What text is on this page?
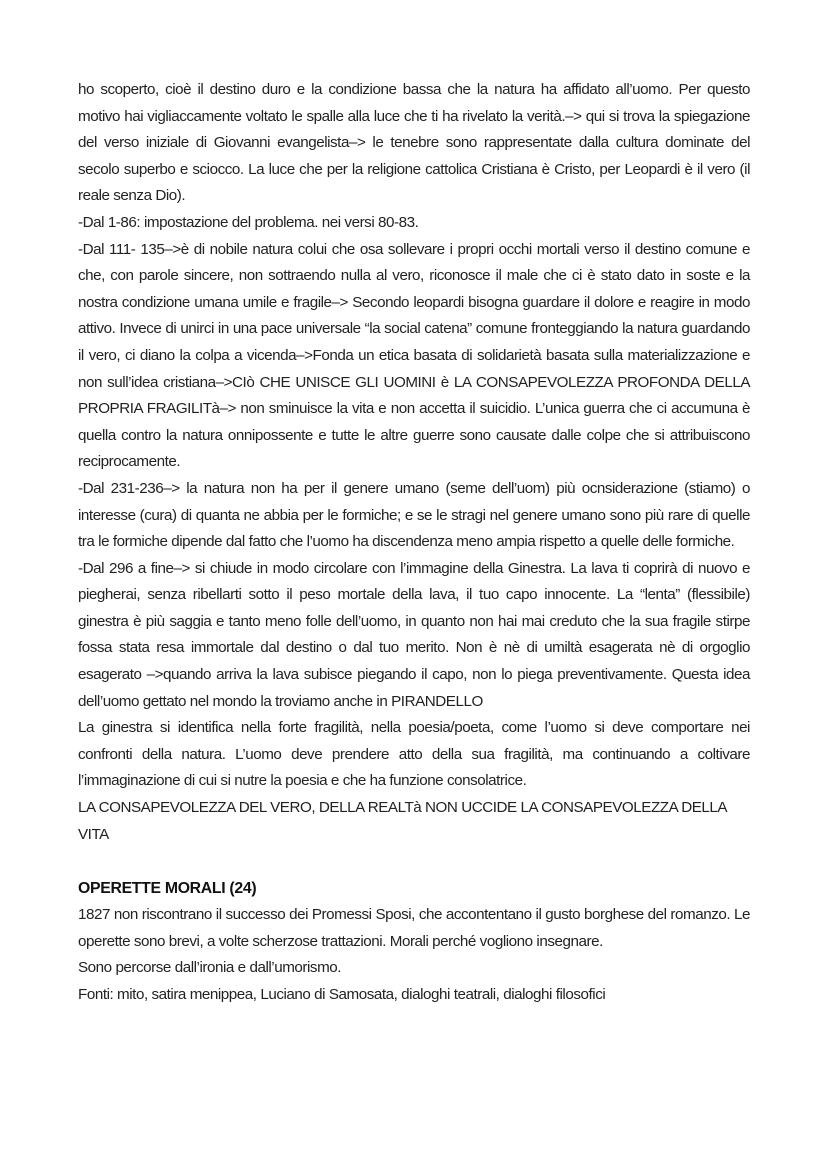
ho scoperto, cioè il destino duro e la condizione bassa che la natura ha affidato all’uomo. Per questo motivo hai vigliaccamente voltato le spalle alla luce che ti ha rivelato la verità.–> qui si trova la spiegazione del verso iniziale di Giovanni evangelista–> le tenebre sono rappresentate dalla cultura dominate del secolo superbo e sciocco. La luce che per la religione cattolica Cristiana è Cristo, per Leopardi è il vero (il reale senza Dio).

-Dal 1-86: impostazione del problema. nei versi 80-83.

-Dal 111- 135–>è di nobile natura colui che osa sollevare i propri occhi mortali verso il destino comune e che, con parole sincere, non sottraendo nulla al vero, riconosce il male che ci è stato dato in soste e la nostra condizione umana umile e fragile–> Secondo leopardi bisogna guardare il dolore e reagire in modo attivo. Invece di unirci in una pace universale “la social catena” comune fronteggiando la natura guardando il vero, ci diano la colpa a vicenda–>Fonda un etica basata di solidarietà basata sulla materializzazione e non sull’idea cristiana–>CIò CHE UNISCE GLI UOMINI è LA CONSAPEVOLEZZA PROFONDA DELLA PROPRIA FRAGILITà–> non sminuisce la vita e non accetta il suicidio. L’unica guerra che ci accumuna è quella contro la natura onnipossente e tutte le altre guerre sono causate dalle colpe che si attribuiscono reciprocamente.

-Dal 231-236–> la natura non ha per il genere umano (seme dell’uom) più ocnsiderazione (stiamo) o interesse (cura) di quanta ne abbia per le formiche; e se le stragi nel genere umano sono più rare di quelle tra le formiche dipende dal fatto che l’uomo ha discendenza meno ampia rispetto a quelle delle formiche.

-Dal 296 a fine–> si chiude in modo circolare con l’immagine della Ginestra. La lava ti coprirà di nuovo e piegherai, senza ribellarti sotto il peso mortale della lava, il tuo capo innocente. La “lenta” (flessibile) ginestra è più saggia e tanto meno folle dell’uomo, in quanto non hai mai creduto che la sua fragile stirpe fossa stata resa immortale dal destino o dal tuo merito. Non è nè di umiltà esagerata nè di orgoglio esagerato –>quando arriva la lava subisce piegando il capo, non lo piega preventivamente. Questa idea dell’uomo gettato nel mondo la troviamo anche in PIRANDELLO

La ginestra si identifica nella forte fragilità, nella poesia/poeta, come l’uomo si deve comportare nei confronti della natura. L’uomo deve prendere atto della sua fragilità, ma continuando a coltivare l’immaginazione di cui si nutre la poesia e che ha funzione consolatrice.

LA CONSAPEVOLEZZA DEL VERO, DELLA REALTà NON UCCIDE LA CONSAPEVOLEZZA DELLA VITA

OPERETTE MORALI (24)

1827 non riscontrano il successo dei Promessi Sposi, che accontentano il gusto borghese del romanzo. Le operette sono brevi, a volte scherzose trattazioni. Morali perché vogliono insegnare.

Sono percorse dall’ironia e dall’umorismo.

Fonti: mito, satira menippea, Luciano di Samosata, dialoghi teatrali, dialoghi filosofici
